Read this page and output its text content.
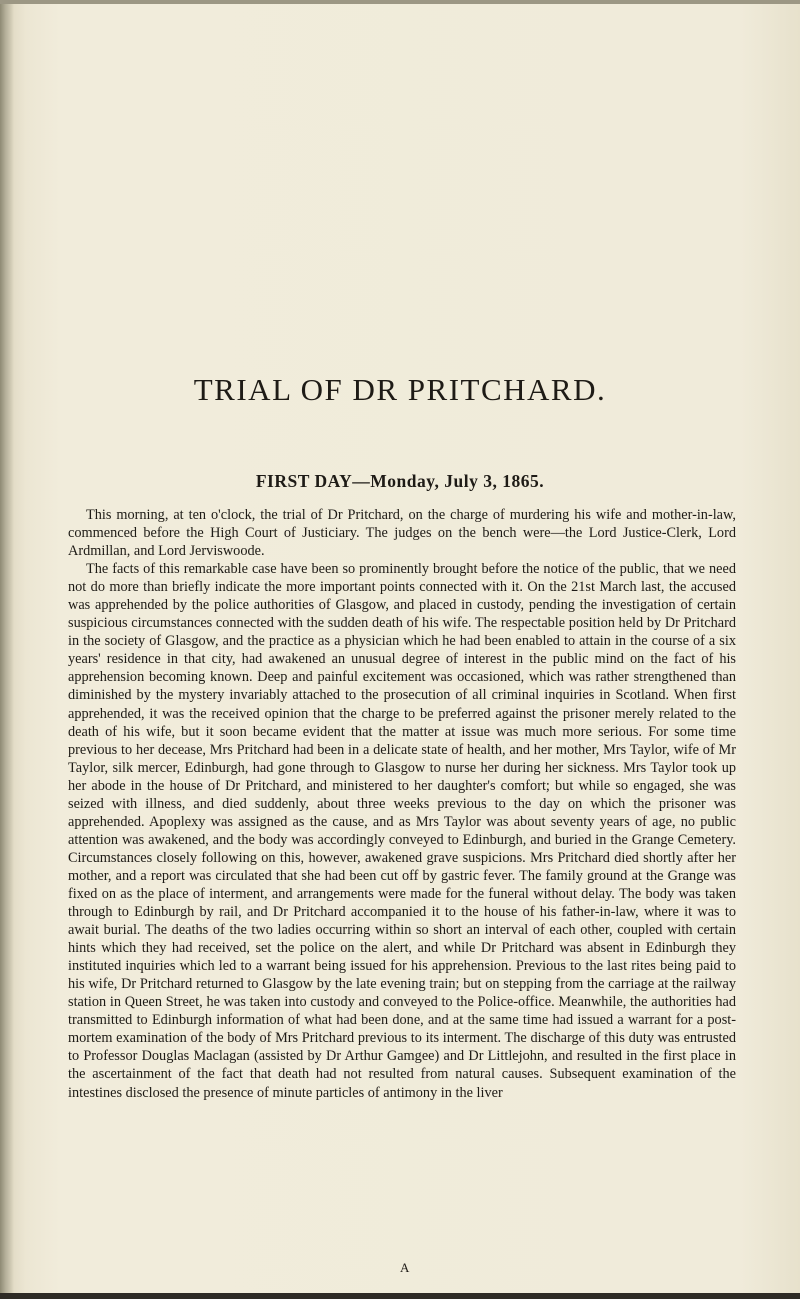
TRIAL OF DR PRITCHARD.
FIRST DAY—Monday, July 3, 1865.

This morning, at ten o'clock, the trial of Dr Pritchard, on the charge of murdering his wife and mother-in-law, commenced before the High Court of Justiciary. The judges on the bench were—the Lord Justice-Clerk, Lord Ardmillan, and Lord Jerviswoode.

The facts of this remarkable case have been so prominently brought before the notice of the public, that we need not do more than briefly indicate the more important points connected with it. On the 21st March last, the accused was apprehended by the police authorities of Glasgow, and placed in custody, pending the investigation of certain suspicious circumstances connected with the sudden death of his wife. The respectable position held by Dr Pritchard in the society of Glasgow, and the practice as a physician which he had been enabled to attain in the course of a six years' residence in that city, had awakened an unusual degree of interest in the public mind on the fact of his apprehension becoming known. Deep and painful excitement was occasioned, which was rather strengthened than diminished by the mystery invariably attached to the prosecution of all criminal inquiries in Scotland. When first apprehended, it was the received opinion that the charge to be preferred against the prisoner merely related to the death of his wife, but it soon became evident that the matter at issue was much more serious. For some time previous to her decease, Mrs Pritchard had been in a delicate state of health, and her mother, Mrs Taylor, wife of Mr Taylor, silk mercer, Edinburgh, had gone through to Glasgow to nurse her during her sickness. Mrs Taylor took up her abode in the house of Dr Pritchard, and ministered to her daughter's comfort; but while so engaged, she was seized with illness, and died suddenly, about three weeks previous to the day on which the prisoner was apprehended. Apoplexy was assigned as the cause, and as Mrs Taylor was about seventy years of age, no public attention was awakened, and the body was accordingly conveyed to Edinburgh, and buried in the Grange Cemetery. Circumstances closely following on this, however, awakened grave suspicions. Mrs Pritchard died shortly after her mother, and a report was circulated that she had been cut off by gastric fever. The family ground at the Grange was fixed on as the place of interment, and arrangements were made for the funeral without delay. The body was taken through to Edinburgh by rail, and Dr Pritchard accompanied it to the house of his father-in-law, where it was to await burial. The deaths of the two ladies occurring within so short an interval of each other, coupled with certain hints which they had received, set the police on the alert, and while Dr Pritchard was absent in Edinburgh they instituted inquiries which led to a warrant being issued for his apprehension. Previous to the last rites being paid to his wife, Dr Pritchard returned to Glasgow by the late evening train; but on stepping from the carriage at the railway station in Queen Street, he was taken into custody and conveyed to the Police-office. Meanwhile, the authorities had transmitted to Edinburgh information of what had been done, and at the same time had issued a warrant for a post-mortem examination of the body of Mrs Pritchard previous to its interment. The discharge of this duty was entrusted to Professor Douglas Maclagan (assisted by Dr Arthur Gamgee) and Dr Littlejohn, and resulted in the first place in the ascertainment of the fact that death had not resulted from natural causes. Subsequent examination of the intestines disclosed the presence of minute particles of antimony in the liver

A
